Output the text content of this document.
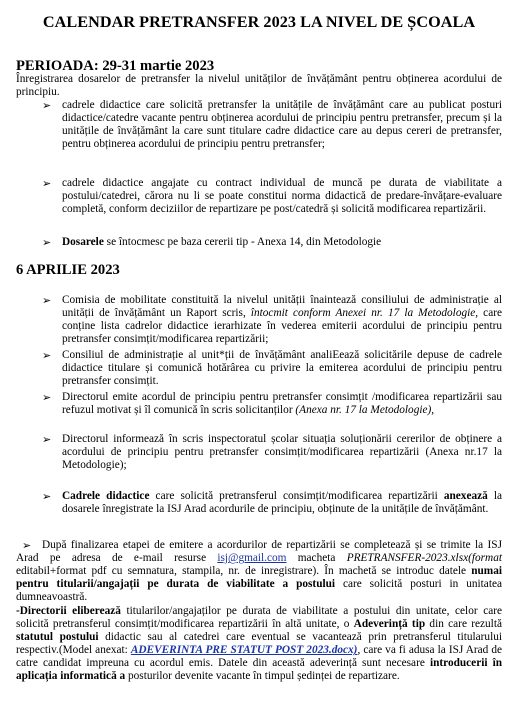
CALENDAR PRETRANSFER 2023 LA NIVEL DE ȘCOALA
PERIOADA: 29-31 martie 2023
Înregistrarea dosarelor de pretransfer la nivelul unităților de învățământ pentru obținerea acordului de principiu.
➢ cadrele didactice care solicită pretransfer la unitățile de învățământ care au publicat posturi didactice/catedre vacante pentru obținerea acordului de principiu pentru pretransfer, precum și la unitățile de învățământ la care sunt titulare cadre didactice care au depus cereri de pretransfer, pentru obținerea acordului de principiu pentru pretransfer;
➢ cadrele didactice angajate cu contract individual de muncă pe durata de viabilitate a postului/catedrei, cărora nu li se poate constitui norma didactică de predare-învățare-evaluare completă, conform deciziilor de repartizare pe post/catedră și solicită modificarea repartizării.
➢ Dosarele se întocmesc pe baza cererii tip - Anexa 14, din Metodologie
6 APRILIE 2023
➢ Comisia de mobilitate constituită la nivelul unității înaintează consiliului de administrație al unității de învățământ un Raport scris, întocmit conform Anexei nr. 17 la Metodologie, care conține lista cadrelor didactice ierarhizate în vederea emiterii acordului de principiu pentru pretransfer consimțit/modificarea repartizării;
➢ Consiliul de administrație al unit*ții de învățământ analiEează solicitările depuse de cadrele didactice titulare și comunică hotărârea cu privire la emiterea acordului de principiu pentru pretransfer consimțit.
➢ Directorul emite acordul de principiu pentru pretransfer consimțit /modificarea repartizării sau refuzul motivat și îl comunică în scris solicitanților (Anexa nr. 17 la Metodologie),
➢ Directorul informează în scris inspectoratul școlar situația soluționării cererilor de obținere a acordului de principiu pentru pretransfer consimțit/modificarea repartizării (Anexa nr.17 la Metodologie);
➢ Cadrele didactice care solicită pretransferul consimțit/modificarea repartizării anexează la dosarele înregistrate la ISJ Arad acordurile de principiu, obținute de la unitățile de învățământ.
➢ După finalizarea etapei de emitere a acordurilor de repartizării se completează și se trimite la ISJ Arad pe adresa de e-mail resurse isj@gmail.com macheta PRETRANSFER-2023.xlsx(format editabil+format pdf cu semnatura, stampila, nr. de inregistrare). În machetă se introduc datele numai pentru titularii/angajații pe durata de viabilitate a postului care solicită posturi in unitatea dumneavoastră.
-Directorii eliberează titularilor/angajaților pe durata de viabilitate a postului din unitate, celor care solicită pretransferul consimțit/modificarea repartizării în altă unitate, o Adeverință tip din care rezultă statutul postului didactic sau al catedrei care eventual se vacantează prin pretransferul titularului respectiv.(Model anexat: ADEVERINTA PRE STATUT POST 2023.docx), care va fi adusa la ISJ Arad de catre candidat impreuna cu acordul emis. Datele din această adeverință sunt necesare introducerii în aplicația informatică a posturilor devenite vacante în timpul ședinței de repartizare.
